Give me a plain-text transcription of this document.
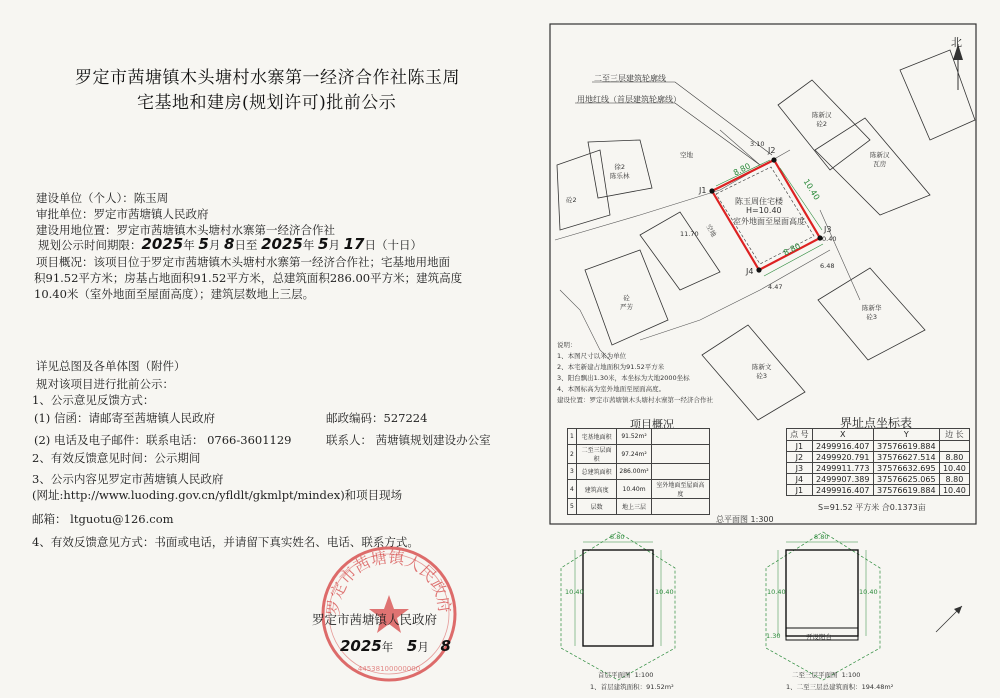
罗定市茜塘镇木头塘村水寨第一经济合作社陈玉周
宅基地和建房(规划许可)批前公示
建设单位（个人）：陈玉周
审批单位：罗定市茜塘镇人民政府
建设用地位置：罗定市茜塘镇木头塘村水寨第一经济合作社
规划公示时间期限：2025年 5月 8日至 2025年 5月 17日（十日）
项目概况：该项目位于罗定市茜塘镇木头塘村水寨第一经济合作社；宅基地用地面
积91.52平方米；房基占地面积91.52平方米，总建筑面积286.00平方米；建筑高度
10.40米（室外地面至屋面高度）；建筑层数地上三层。
详见总图及各单体图（附件）
规对该项目进行批前公示：
1、公示意见反馈方式：
(1) 信函：请邮寄至茜塘镇人民政府	邮政编码：527224
(2) 电话及电子邮件：联系电话： 0766-3601129	联系人： 茜塘镇规划建设办公室
2、有效反馈意见时间：公示期间
3、公示内容见罗定市茜塘镇人民政府
(网址:http://www.luoding.gov.cn/yfldlt/gkmlpt/mindex)和项目现场
邮箱： ltguotu@126.com
4、有效反馈意见方式：书面或电话，并请留下真实姓名、电话、联系方式。
罗定市茜塘镇人民政府
44538100000000
罗定市茜塘镇人民政府
2025年 5月 8
北
二至三层建筑轮廓线
用地红线（首层建筑轮廓线）
陈玉周住宅楼
H=10.40
室外地面至屋面高度
J1
J2
J3
J4
8.80
10.40
8.80
11.70
3.10
0.40
6.48
4.47
徐2
陈乐林
陈新汉
砼2
陈新汉
瓦房
砼2
砼
严芳	陈新华
砼3
陈新文
砼3
空地
空地
说明：
1、本图尺寸以米为单位
2、本宅新建占地面积为91.52平方米
3、阳台飘出1.30米，本坐标为大地2000坐标
4、本图标高为室外地面至屋面高度。
建设位置：罗定市茜塘镇木头塘村水寨第一经济合作社
项目概况
1	宅基地面积	91.52m²	
2	二至三层面积	97.24m²	
3	总建筑面积	286.00m²	
4	建筑高度	10.40m	室外地面至屋面高度
5	层数	地上三层	
界址点坐标表
点 号	X	Y	边 长
J1	2499916.407	37576619.884	
J2	2499920.791	37576627.514	8.80
J3	2499911.773	37576632.695	10.40
J4	2499907.389	37576625.065	8.80
J1	2499916.407	37576619.884	10.40
S=91.52 平方米 合0.1373亩
总平面图 1:300
8.80
10.40	10.40
首层平面图 1:100
1、首层建筑面积：91.52m²
8.80
10.40	10.40
开设阳台
1.30
二至三层平面图 1:100
1、二至三层总建筑面积：194.48m²
